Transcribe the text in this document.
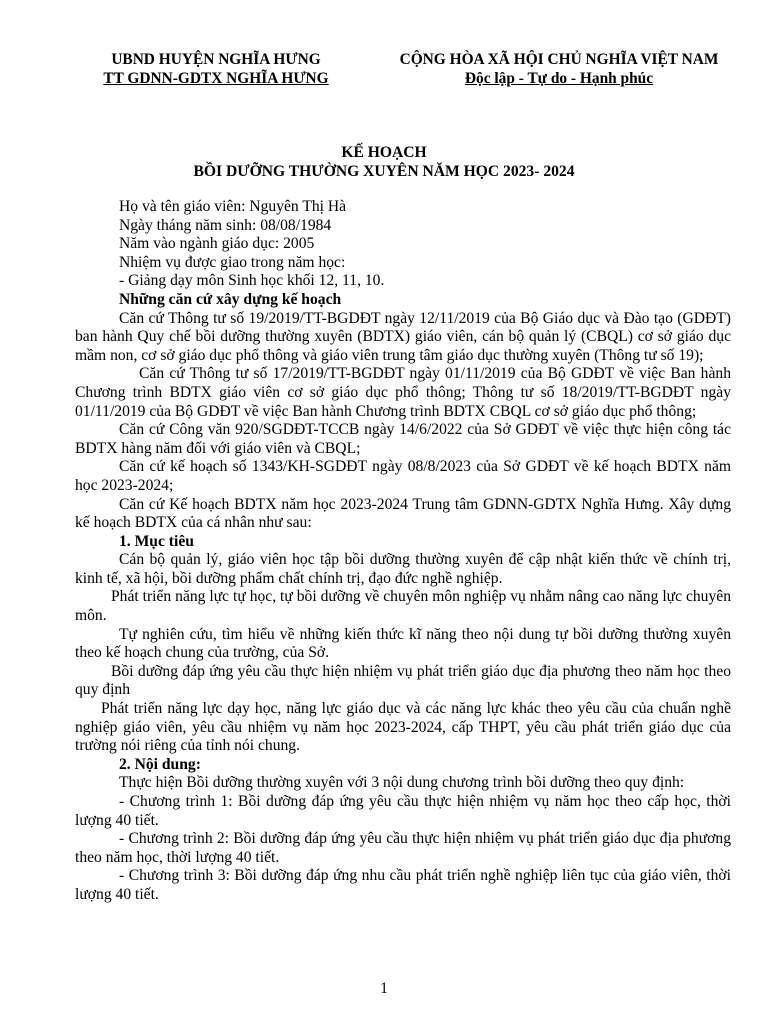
UBND HUYỆN NGHĨA HƯNG
TT GDNN-GDTX NGHĨA HƯNG
CỘNG HÒA XÃ HỘI CHỦ NGHĨA VIỆT NAM
Độc lập - Tự do - Hạnh phúc
KẾ HOẠCH
BỒI DƯỠNG THƯỜNG XUYÊN NĂM HỌC 2023- 2024

Họ và tên giáo viên: Nguyên Thị Hà

Ngày tháng năm sinh: 08/08/1984

Năm vào ngành giáo dục: 2005

Nhiệm vụ được giao trong năm học:

- Giảng dạy môn Sinh học khối 12, 11, 10.

Những căn cứ xây dựng kế hoạch

Căn cứ Thông tư số 19/2019/TT-BGDĐT ngày 12/11/2019 của Bộ Giáo dục và Đào tạo (GDĐT) ban hành Quy chế bồi dưỡng thường xuyên (BDTX) giáo viên, cán bộ quản lý (CBQL) cơ sở giáo dục mầm non, cơ sở giáo dục phổ thông và giáo viên trung tâm giáo dục thường xuyên (Thông tư số 19);

Căn cứ Thông tư số 17/2019/TT-BGDĐT ngày 01/11/2019 của Bộ GDĐT về việc Ban hành Chương trình BDTX giáo viên cơ sở giáo dục phổ thông; Thông tư số 18/2019/TT-BGDĐT ngày 01/11/2019 của Bộ GDĐT về việc Ban hành Chương trình BDTX CBQL cơ sở giáo dục phổ thông;

Căn cứ Công văn 920/SGDĐT-TCCB ngày 14/6/2022 của Sở GDĐT về việc thực hiện công tác BDTX hàng năm đối với giáo viên và CBQL;

Căn cứ kế hoạch số 1343/KH-SGDĐT ngày 08/8/2023 của Sở GDĐT về kế hoạch BDTX năm học 2023-2024;

Căn cứ Kế hoạch BDTX năm học 2023-2024 Trung tâm GDNN-GDTX Nghĩa Hưng. Xây dựng kế hoạch BDTX của cá nhân như sau:

1. Mục tiêu

Cán bộ quản lý, giáo viên học tập bồi dưỡng thường xuyên để cập nhật kiến thức về chính trị, kinh tế, xã hội, bồi dưỡng phẩm chất chính trị, đạo đức nghề nghiệp.

Phát triển năng lực tự học, tự bồi dưỡng về chuyên môn nghiệp vụ nhằm nâng cao năng lực chuyên môn.

Tự nghiên cứu, tìm hiểu về những kiến thức kĩ năng theo nội dung tự bồi dưỡng thường xuyên theo kế hoạch chung của trường, của Sở.

Bồi dưỡng đáp ứng yêu cầu thực hiện nhiệm vụ phát triển giáo dục địa phương theo năm học theo quy định

Phát triển năng lực dạy học, năng lực giáo dục và các năng lực khác theo yêu cầu của chuẩn nghề nghiệp giáo viên, yêu cầu nhiệm vụ năm học 2023-2024, cấp THPT, yêu cầu phát triển giáo dục của trường nói riêng của tỉnh nói chung.

2. Nội dung:

Thực hiện Bồi dưỡng thường xuyên với 3 nội dung chương trình bồi dưỡng theo quy định:

- Chương trình 1: Bồi dưỡng đáp ứng yêu cầu thực hiện nhiệm vụ năm học theo cấp học, thời lượng 40 tiết.

- Chương trình 2: Bồi dưỡng đáp ứng yêu cầu thực hiện nhiệm vụ phát triển giáo dục địa phương theo năm học, thời lượng 40 tiết.

- Chương trình 3: Bồi dưỡng đáp ứng nhu cầu phát triển nghề nghiệp liên tục của giáo viên, thời lượng 40 tiết.

1
